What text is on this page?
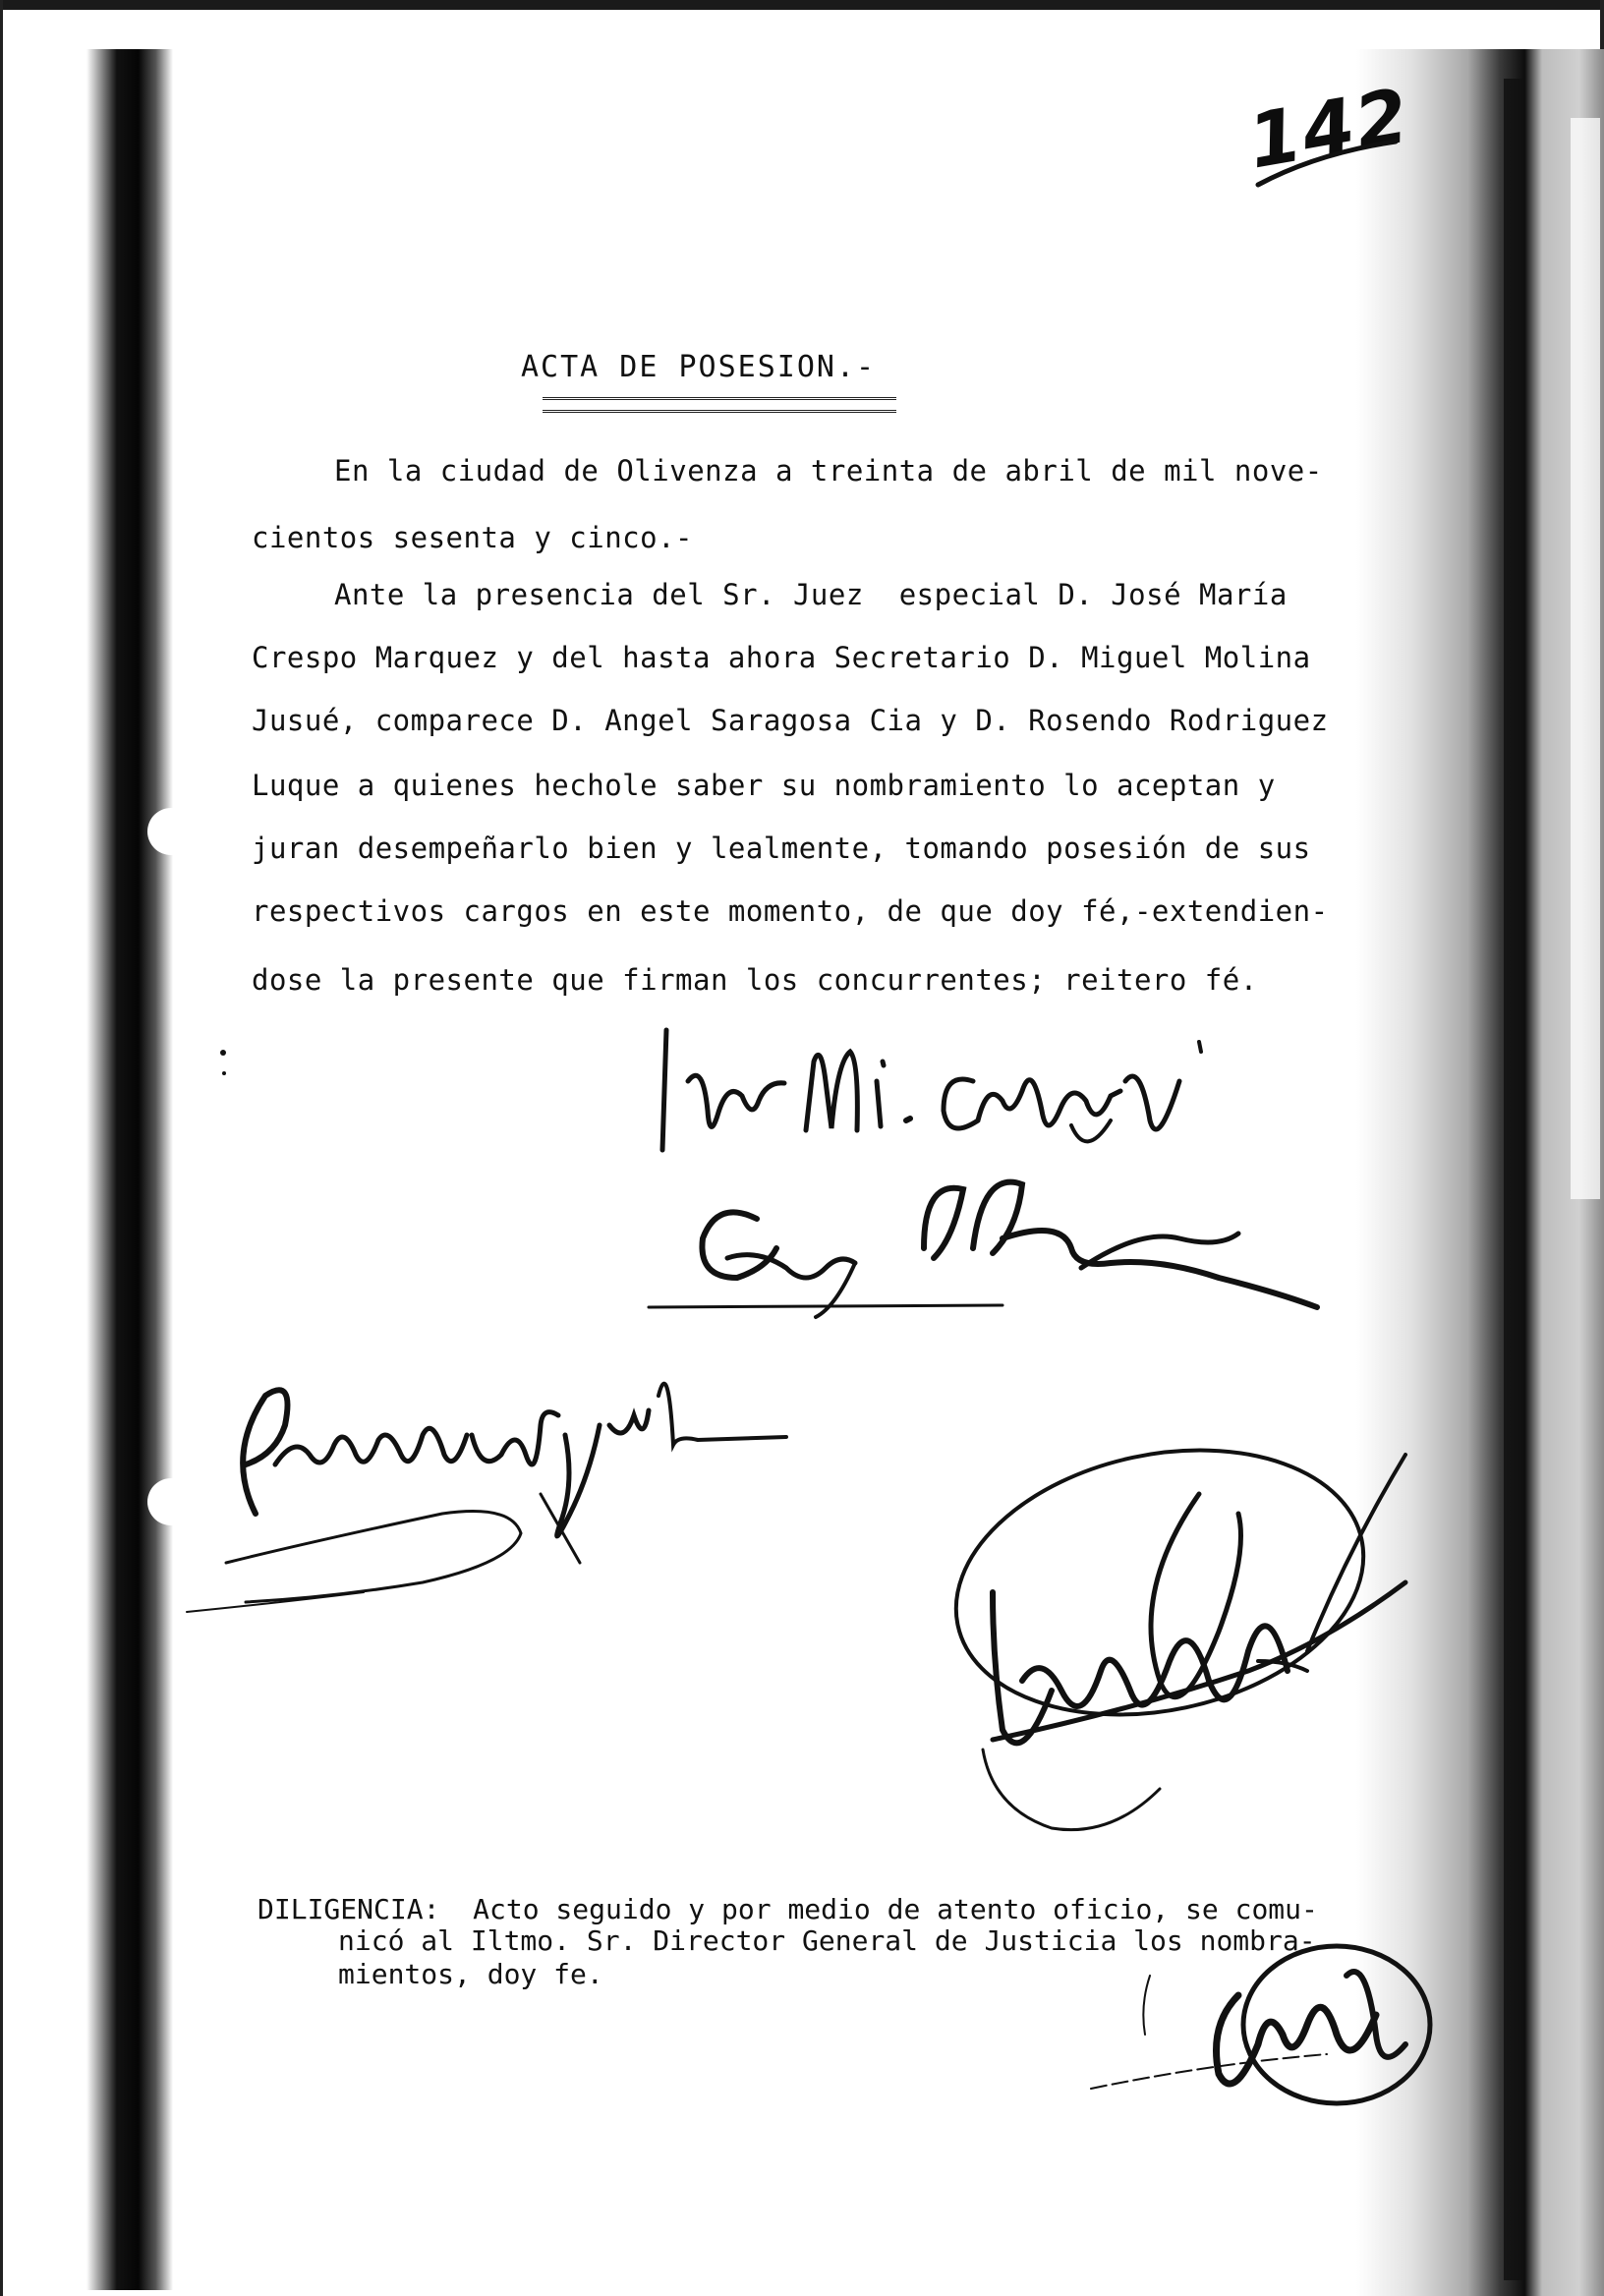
142
ACTA DE POSESION.-
En la ciudad de Olivenza a treinta de abril de mil nove-
cientos sesenta y cinco.-
Ante la presencia del Sr. Juez  especial D. José María
Crespo Marquez y del hasta ahora Secretario D. Miguel Molina
Jusué, comparece D. Angel Saragosa Cia y D. Rosendo Rodriguez
Luque a quienes hechole saber su nombramiento lo aceptan y
juran desempeñarlo bien y lealmente, tomando posesión de sus
respectivos cargos en este momento, de que doy fé,-extendien-
dose la presente que firman los concurrentes; reitero fé.
DILIGENCIA:  Acto seguido y por medio de atento oficio, se comu-
nicó al Iltmo. Sr. Director General de Justicia los nombra-
mientos, doy fe.
